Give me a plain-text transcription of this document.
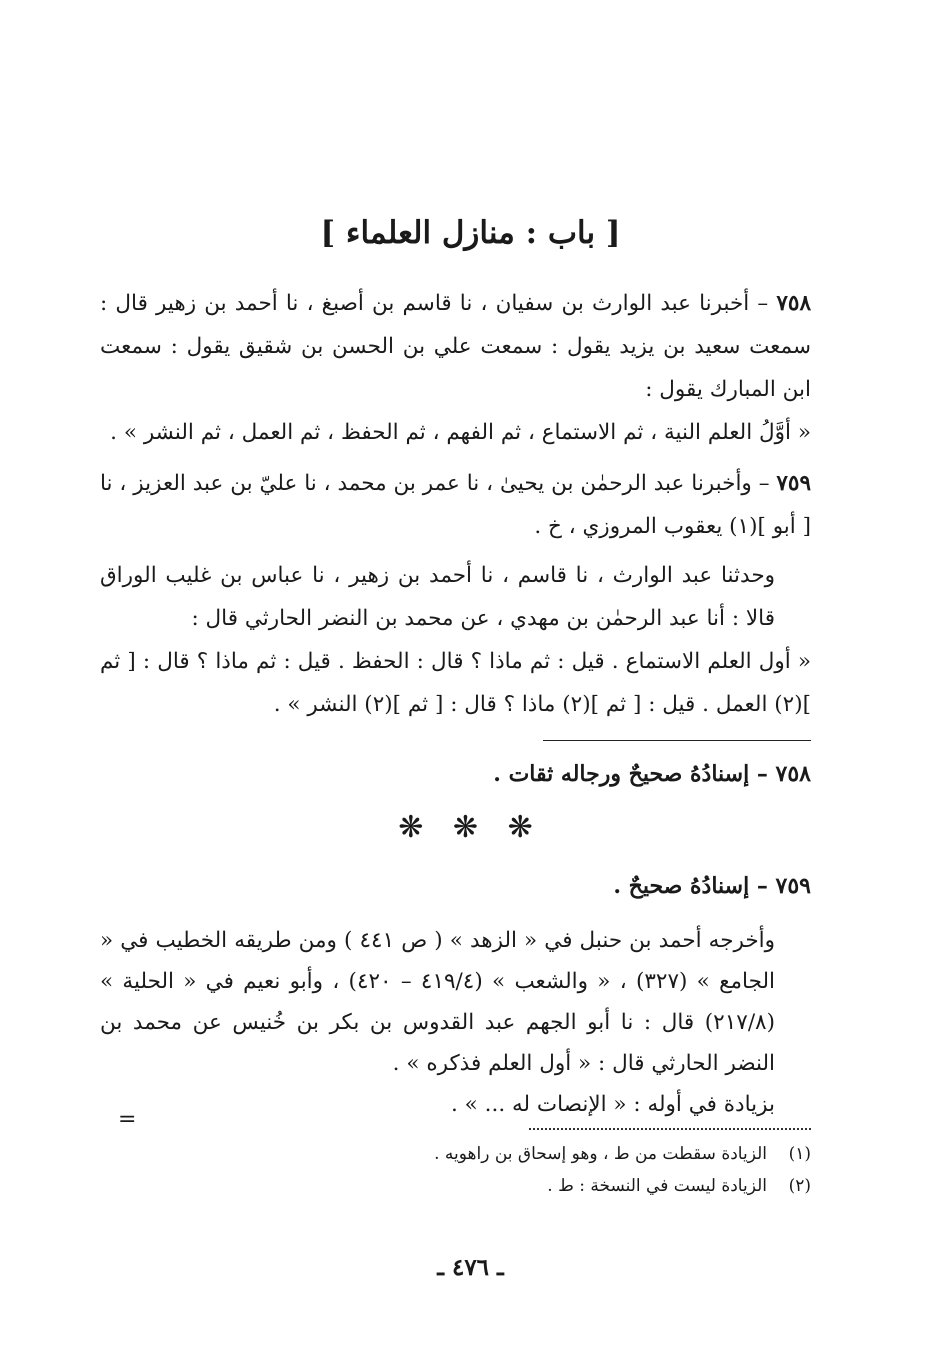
[ باب : منازل العلماء ]

٧٥٨ – أخبرنا عبد الوارث بن سفيان ، نا قاسم بن أصبغ ، نا أحمد بن زهير قال : سمعت سعيد بن يزيد يقول : سمعت علي بن الحسن بن شقيق يقول : سمعت ابن المبارك يقول :

« أوَّلُ العلم النية ، ثم الاستماع ، ثم الفهم ، ثم الحفظ ، ثم العمل ، ثم النشر » .

٧٥٩ – وأخبرنا عبد الرحمٰن بن يحيىٰ ، نا عمر بن محمد ، نا عليّ بن عبد العزيز ، نا [ أبو ](١) يعقوب المروزي ، خ .

وحدثنا عبد الوارث ، نا قاسم ، نا أحمد بن زهير ، نا عباس بن غليب الوراق قالا : أنا عبد الرحمٰن بن مهدي ، عن محمد بن النضر الحارثي قال :

« أول العلم الاستماع . قيل : ثم ماذا ؟ قال : الحفظ . قيل : ثم ماذا ؟ قال : [ ثم ](٢) العمل . قيل : [ ثم ](٢) ماذا ؟ قال : [ ثم ](٢) النشر » .

٧٥٨ – إسنادُهُ صحيحٌ ورجاله ثقات .
❋ ❋ ❋
٧٥٩ – إسنادُهُ صحيحٌ .

وأخرجه أحمد بن حنبل في « الزهد » ( ص ٤٤١ ) ومن طريقه الخطيب في « الجامع » (٣٢٧) ، « والشعب » (٤١٩/٤ – ٤٢٠) ، وأبو نعيم في « الحلية » (٢١٧/٨) قال : نا أبو الجهم عبد القدوس بن بكر بن خُنيس عن محمد بن النضر الحارثي قال : « أول العلم فذكره » .

بزيادة في أوله : « الإنصات له ... » .

=
(١)الزيادة سقطت من ط ، وهو إسحاق بن راهويه .
(٢)الزيادة ليست في النسخة : ط .
ـ ٤٧٦ ـ
